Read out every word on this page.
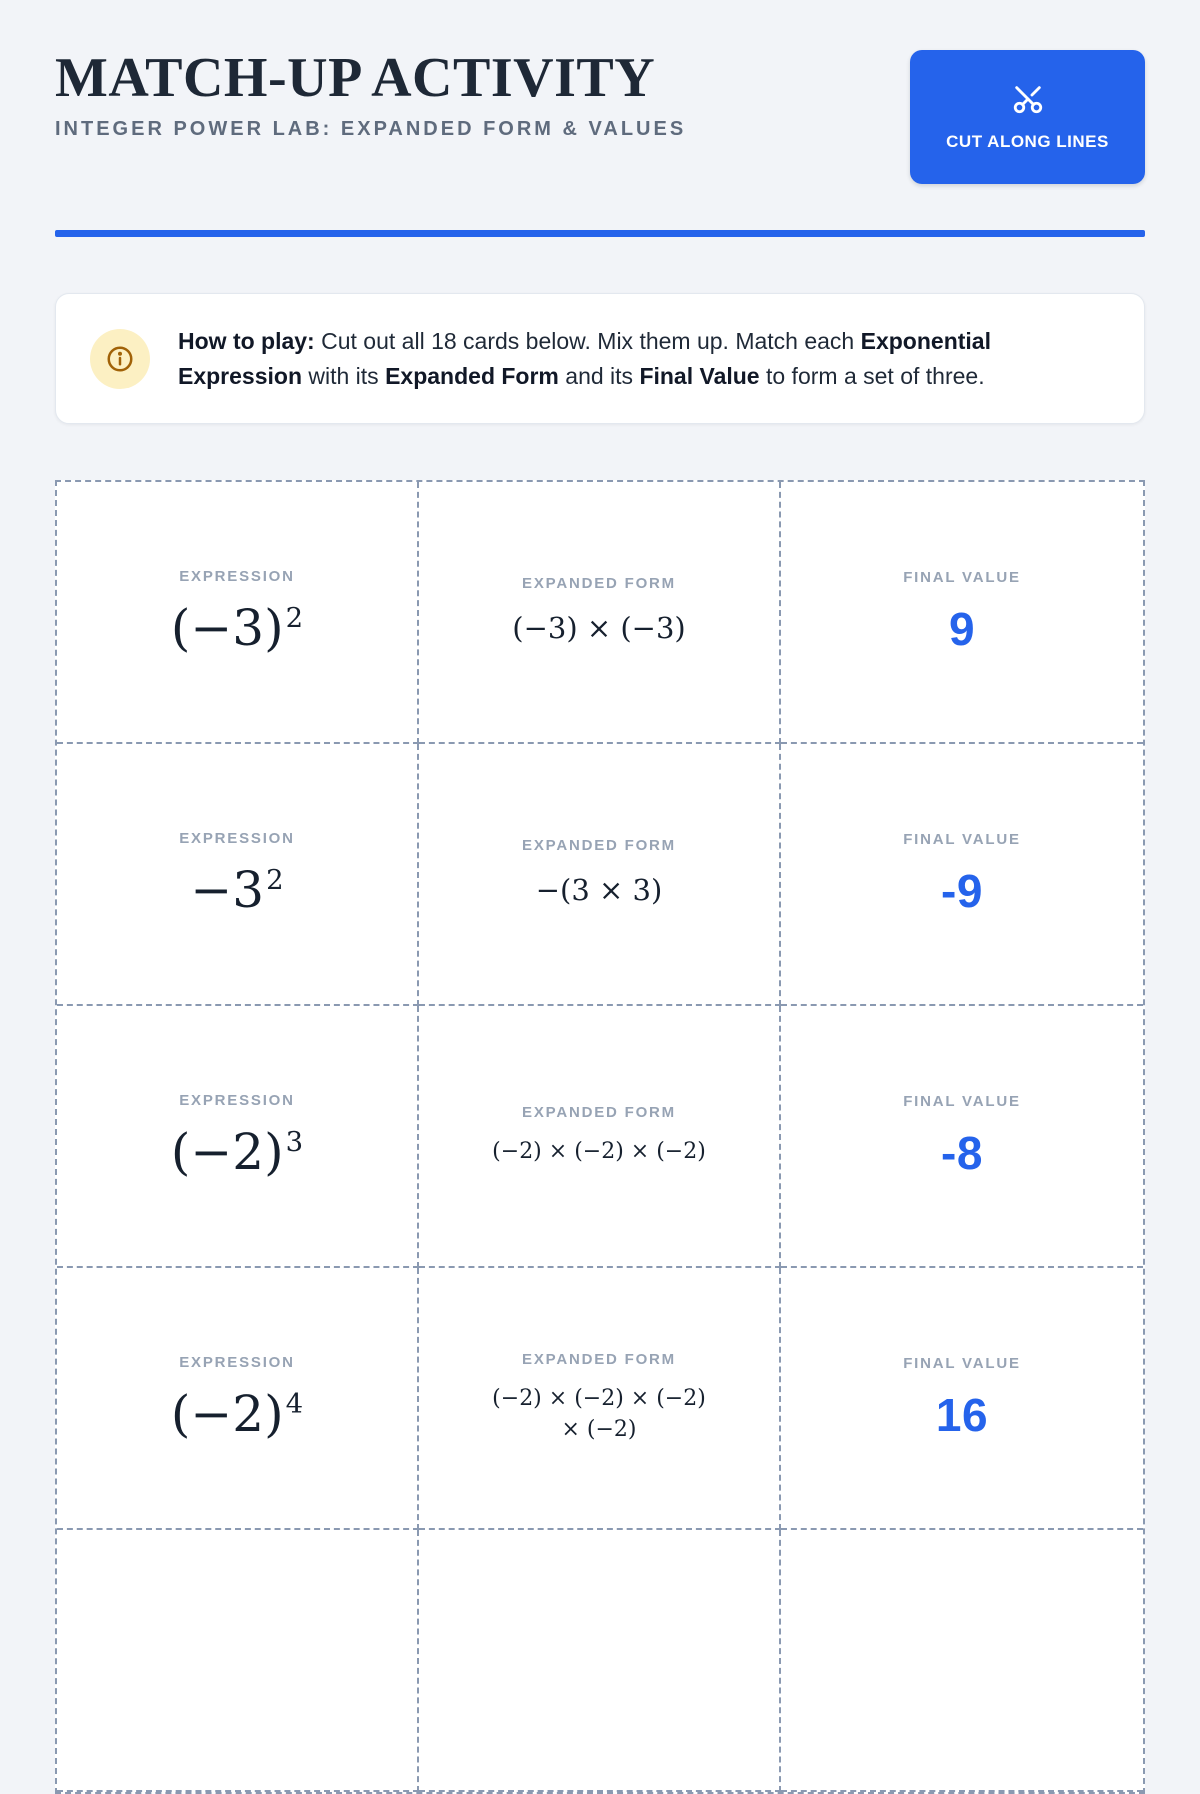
MATCH-UP ACTIVITY
INTEGER POWER LAB: EXPANDED FORM & VALUES
CUT ALONG LINES

How to play: Cut out all 18 cards below. Mix them up. Match each Exponential Expression with its Expanded Form and its Final Value to form a set of three.

EXPRESSION
$(-3)^2$
EXPANDED FORM
(−3) × (−3)
FINAL VALUE
9
EXPRESSION
$-3^2$
EXPANDED FORM
−(3 × 3)
FINAL VALUE
-9
EXPRESSION
$(-2)^3$
EXPANDED FORM
(−2) × (−2) × (−2)
FINAL VALUE
-8
EXPRESSION
$(-2)^4$
EXPANDED FORM
(−2) × (−2) × (−2) × (−2)
FINAL VALUE
16
